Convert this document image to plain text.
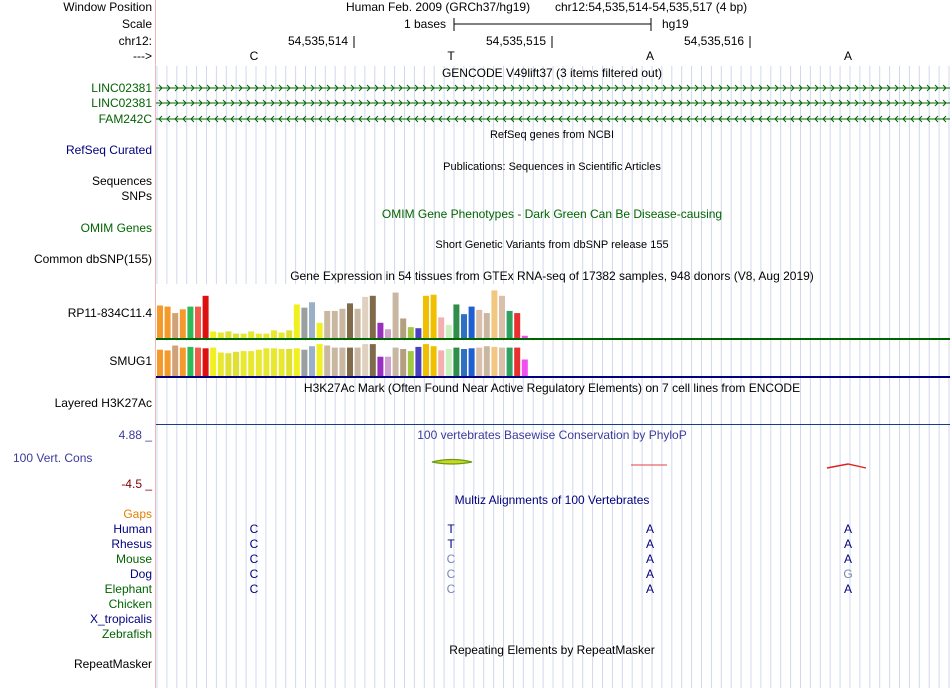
Window Position
Scale
chr12:
--->
Human Feb. 2009 (GRCh37/hg19) chr12:54,535,514-54,535,517 (4 bp)
1 bases	hg19
54,535,514	54,535,515	54,535,516
C	T	A	A
GENCODE V49lift37 (3 items filtered out)
LINC02381
LINC02381
FAM242C
RefSeq genes from NCBI
RefSeq Curated
Publications: Sequences in Scientific Articles
Sequences
SNPs
OMIM Gene Phenotypes - Dark Green Can Be Disease-causing
OMIM Genes
Short Genetic Variants from dbSNP release 155
Common dbSNP(155)
Gene Expression in 54 tissues from GTEx RNA-seq of 17382 samples, 948 donors (V8, Aug 2019)
RP11-834C11.4
SMUG1
H3K27Ac Mark (Often Found Near Active Regulatory Elements) on 7 cell lines from ENCODE
Layered H3K27Ac
4.88 _	100 vertebrates Basewise Conservation by PhyloP
100 Vert. Cons
-4.5 _
Multiz Alignments of 100 Vertebrates
Gaps
Human	C	T	A	A
Rhesus	C	T	A	A
Mouse	C	C	A	A
Dog	C	C	A	G
Elephant	C	C	A	A
Chicken
X_tropicalis
Zebrafish
Repeating Elements by RepeatMasker
RepeatMasker
